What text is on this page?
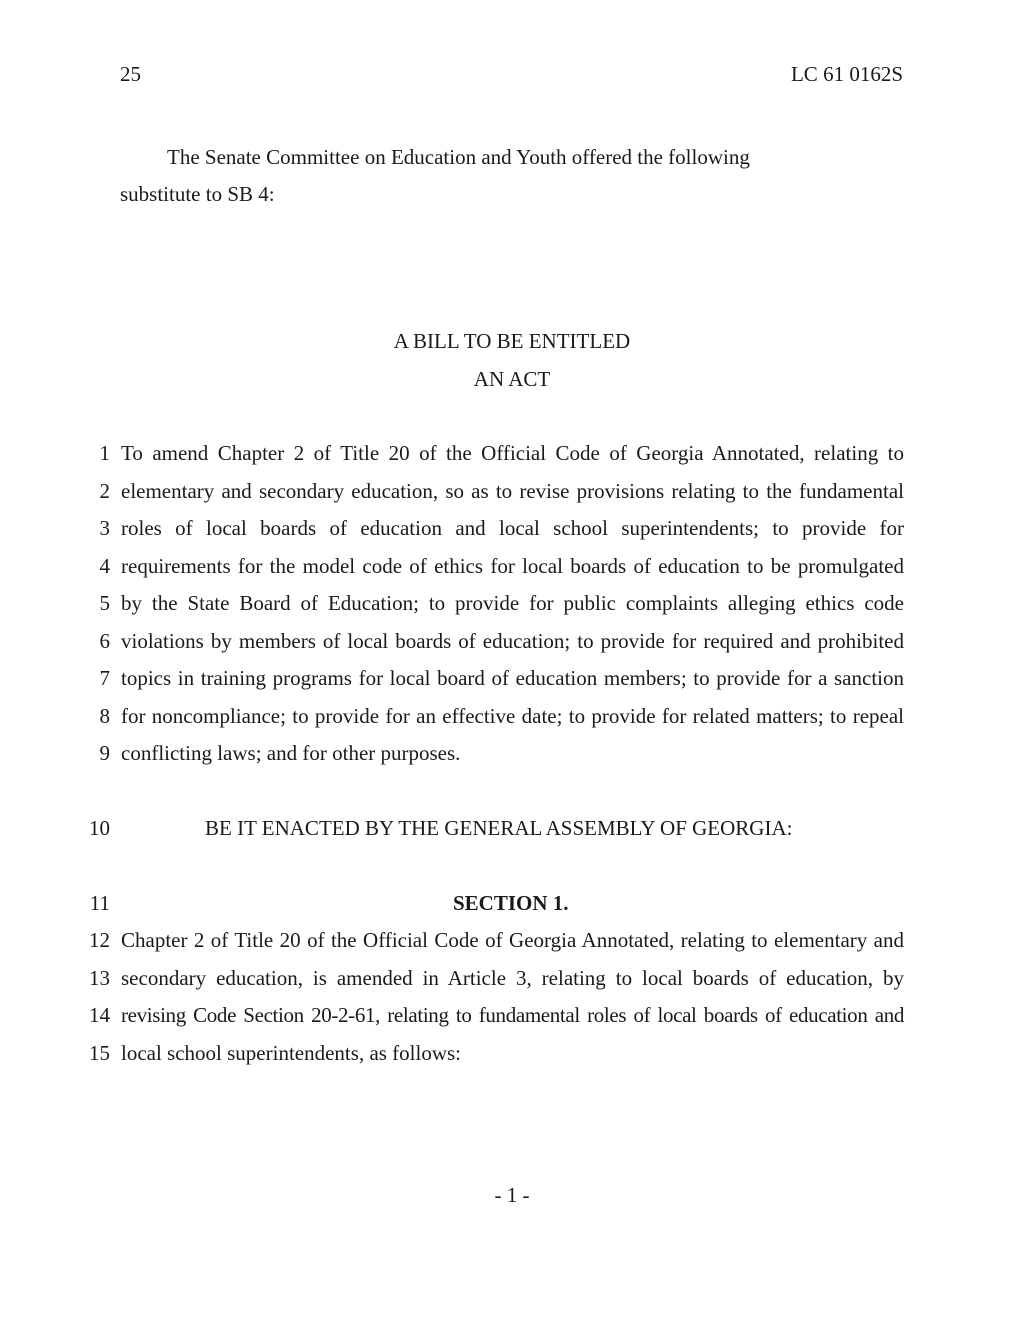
25	LC 61 0162S
The Senate Committee on Education and Youth offered the following
substitute to SB 4:
A BILL TO BE ENTITLED
AN ACT
1 To amend Chapter 2 of Title 20 of the Official Code of Georgia Annotated, relating to
2 elementary and secondary education, so as to revise provisions relating to the fundamental
3 roles of local boards of education and local school superintendents; to provide for
4 requirements for the model code of ethics for local boards of education to be promulgated
5 by the State Board of Education; to provide for public complaints alleging ethics code
6 violations by members of local boards of education; to provide for required and prohibited
7 topics in training programs for local board of education members; to provide for a sanction
8 for noncompliance; to provide for an effective date; to provide for related matters; to repeal
9 conflicting laws; and for other purposes.
10	BE IT ENACTED BY THE GENERAL ASSEMBLY OF GEORGIA:
11	SECTION 1.
12 Chapter 2 of Title 20 of the Official Code of Georgia Annotated, relating to elementary and
13 secondary education, is amended in Article 3, relating to local boards of education, by
14 revising Code Section 20-2-61, relating to fundamental roles of local boards of education and
15 local school superintendents, as follows:
- 1 -
